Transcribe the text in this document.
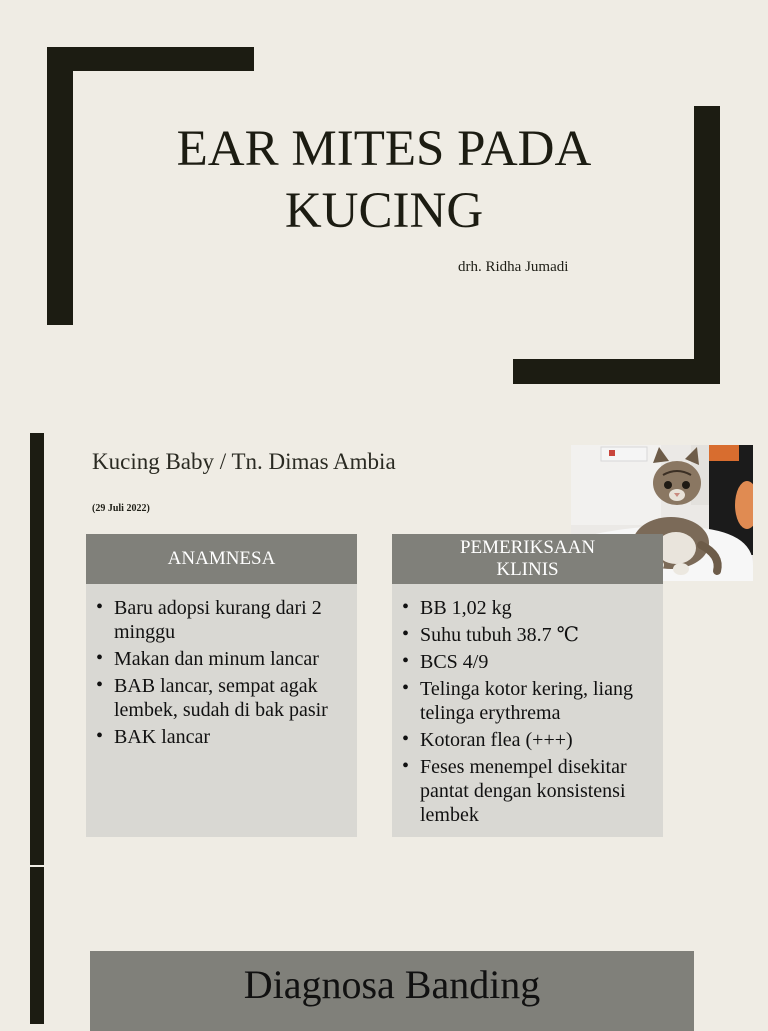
EAR MITES PADA
KUCING
drh. Ridha Jumadi
Kucing Baby / Tn. Dimas Ambia
(29 Juli 2022)
ANAMNESA
• Baru adopsi kurang dari 2 minggu
• Makan dan minum lancar
• BAB lancar, sempat agak lembek, sudah di bak pasir
• BAK lancar
PEMERIKSAAN KLINIS
• BB 1,02 kg
• Suhu tubuh 38.7 ℃
• BCS 4/9
• Telinga kotor kering, liang telinga erythrema
• Kotoran flea (+++)
• Feses menempel disekitar pantat dengan konsistensi lembek
Diagnosa Banding
